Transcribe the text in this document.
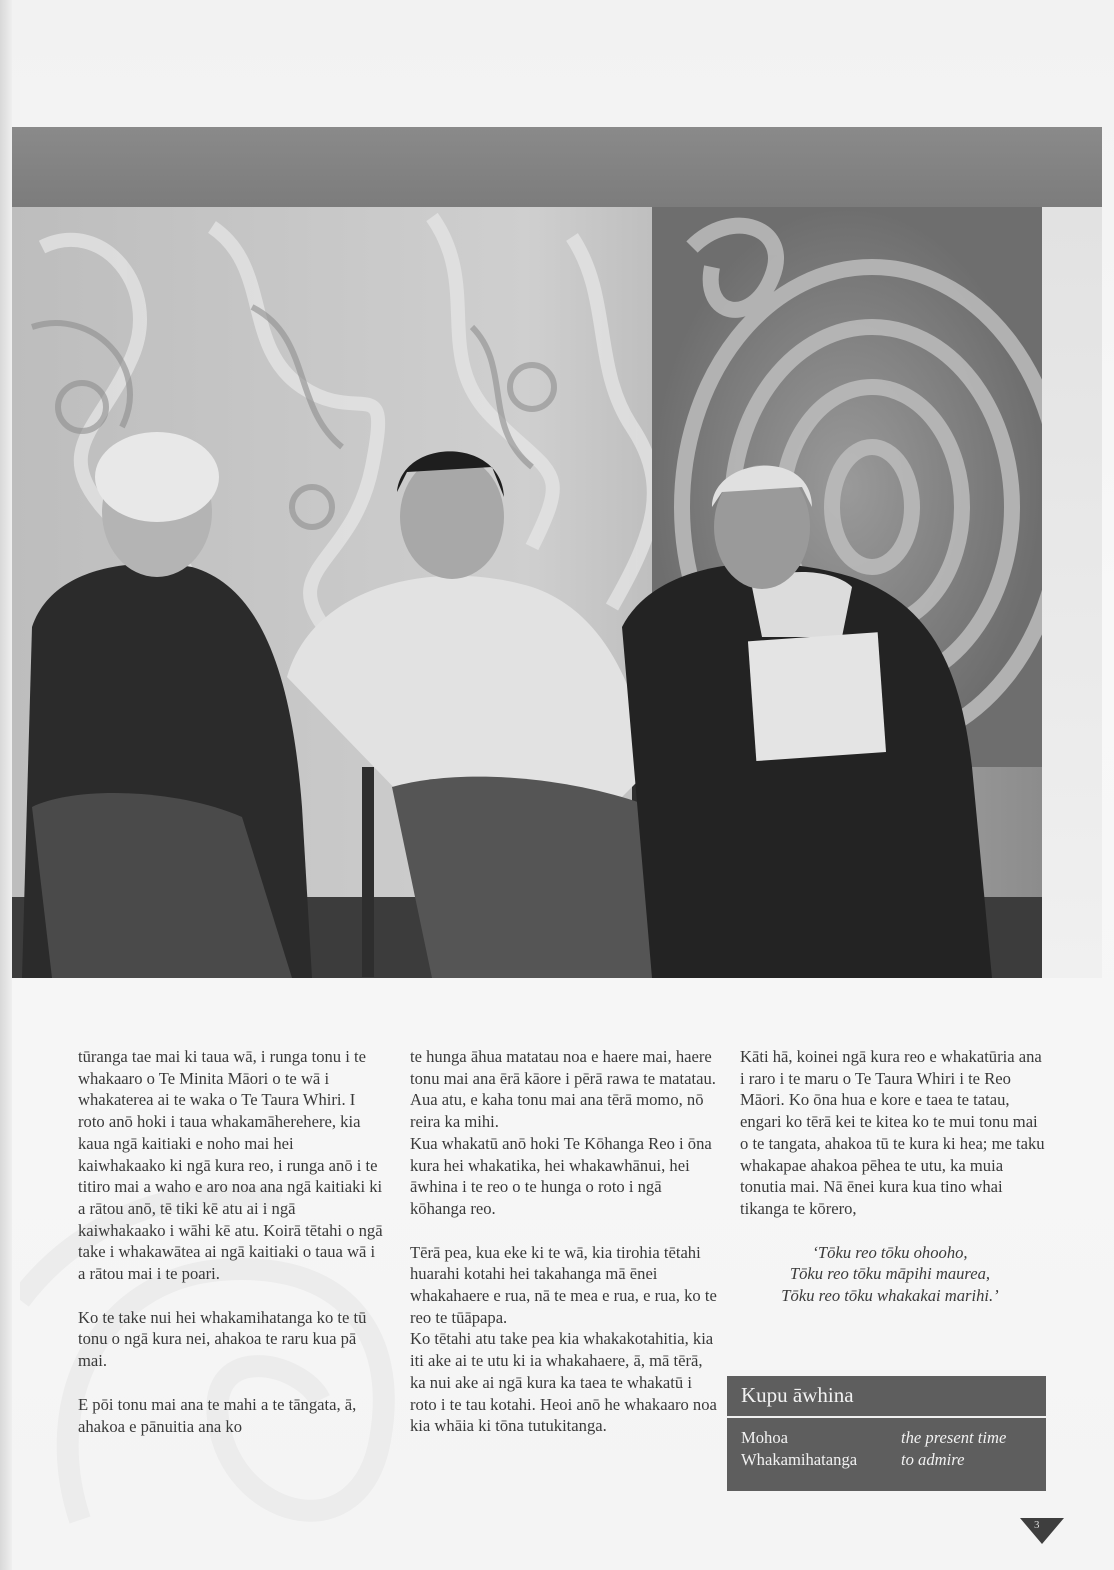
tūranga tae mai ki taua wā, i runga tonu i te whakaaro o Te Minita Māori o te wā i whakaterea ai te waka o Te Taura Whiri. I roto anō hoki i taua whakamāherehere, kia kaua ngā kaitiaki e noho mai hei kaiwhakaako ki ngā kura reo, i runga anō i te titiro mai a waho e aro noa ana ngā kaitiaki ki a rātou anō, tē tiki kē atu ai i ngā kaiwhakaako i wāhi kē atu. Koirā tētahi o ngā take i whakawātea ai ngā kaitiaki o taua wā i a rātou mai i te poari.

Ko te take nui hei whakamihatanga ko te tū tonu o ngā kura nei, ahakoa te raru kua pā mai.

E pōi tonu mai ana te mahi a te tāngata, ā, ahakoa e pānuitia ana ko

te hunga āhua matatau noa e haere mai, haere tonu mai ana ērā kāore i pērā rawa te matatau. Aua atu, e kaha tonu mai ana tērā momo, nō reira ka mihi.

Kua whakatū anō hoki Te Kōhanga Reo i ōna kura hei whakatika, hei whakawhānui, hei āwhina i te reo o te hunga o roto i ngā kōhanga reo.

Tērā pea, kua eke ki te wā, kia tirohia tētahi huarahi kotahi hei takahanga mā ēnei whakahaere e rua, nā te mea e rua, e rua, ko te reo te tūāpapa.

Ko tētahi atu take pea kia whakakotahitia, kia iti ake ai te utu ki ia whakahaere, ā, mā tērā, ka nui ake ai ngā kura ka taea te whakatū i roto i te tau kotahi. Heoi anō he whakaaro noa kia whāia ki tōna tutukitanga.

Kāti hā, koinei ngā kura reo e whakatūria ana i raro i te maru o Te Taura Whiri i te Reo Māori. Ko ōna hua e kore e taea te tatau, engari ko tērā kei te kitea ko te mui tonu mai o te tangata, ahakoa tū te kura ki hea; me taku whakapae ahakoa pēhea te utu, ka muia tonutia mai. Nā ēnei kura kua tino whai tikanga te kōrero,

‘Tōku reo tōku ohooho,
Tōku reo tōku māpihi maurea,
Tōku reo tōku whakakai marihi.’
Kupu āwhina
Mohoa	the present time
Whakamihatanga	to admire
3
